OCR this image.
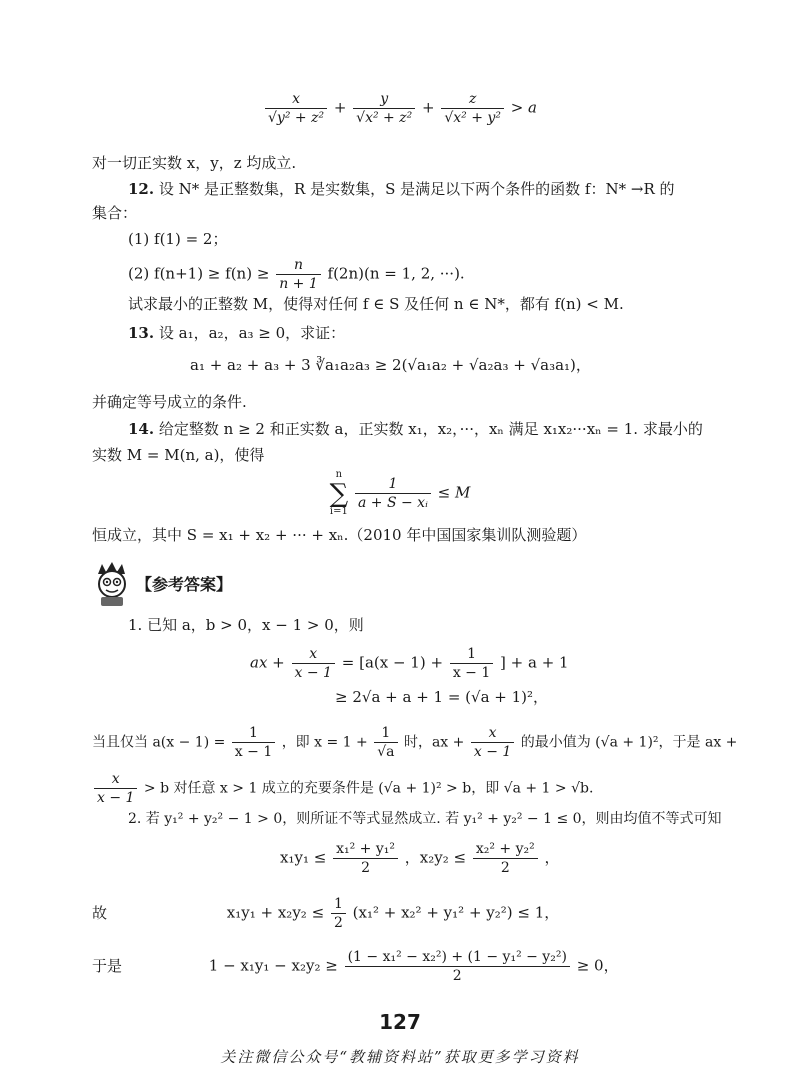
$\frac{x}{\text{√y² + z²}} + \frac{y}{\text{√x² + z²}} + \frac{z}{\text{√x² + y²}} > a$
对一切正实数 x，y，z 均成立.
12. 设 N* 是正整数集，R 是实数集，S 是满足以下两个条件的函数 f：N* →R 的
集合：
(1) f(1) = 2；
(2) $f(n+1) \ge f(n) \ge \frac{n}{n + 1} f(2n)(n = 1$, 2, ···).
试求最小的正整数 M，使得对任何 f ∈ S 及任何 n ∈ N*，都有 f(n) < M.
13. 设 a₁，a₂，a₃ ≥ 0，求证：
a₁ + a₂ + a₃ + 3 ∛a₁a₂a₃ ≥ 2(√a₁a₂ + √a₂a₃ + √a₃a₁)，
并确定等号成立的条件.
14. 给定整数 n ≥ 2 和正实数 a，正实数 x₁，x₂，···，xₙ 满足 x₁x₂···xₙ = 1. 求最小的
实数 M = M(n, a)，使得
n
∑
i=1
$\frac{1}{\text{a + S − xᵢ}} \le M$
恒成立，其中 S = x₁ + x₂ + ··· + xₙ.（2010 年中国国家集训队测验题）
【参考答案】
1. 已知 a，b > 0，x − 1 > 0，则
ax + $\frac{x}{x - 1} = [a(x - 1) + \frac{1}{x - 1}$ ] + a + 1
≥ 2√a + a + 1 = (√a + 1)²，
当且仅当 $a(x - 1) = \frac{1}{x - 1}$ ，即 $x = 1 + \frac{1}{√a}$ 时，ax + $\frac{x}{x - 1}$ 的最小值为 (√a + 1)²，于是 ax +
$\frac{x}{x - 1} > b$ 对任意 x > 1 成立的充要条件是 (√a + 1)² > b，即 √a + 1 > √b.
2. 若 y₁² + y₂² − 1 > 0，则所证不等式显然成立. 若 y₁² + y₂² − 1 ≤ 0，则由均值不等式可知
$x_1y_1 \le \frac{\text{x₁² + y₁²}}{2}$ ，$x_2y_2 \le \frac{\text{x₂² + y₂²}}{2}$ ，
故	$x_1y_1 + x_2y_2 \le \frac{1}{2} (x_1^2 + x_2^2 + y_1^2 + y_2^2) \le 1$，
于是	$1 - x_1y_1 - x_2y_2 \ge \frac{\text{(1 − x₁² − x₂²) + (1 − y₁² − y₂²)}}{2} \ge 0$，
127
关注微信公众号“教辅资料站”获取更多学习资料
